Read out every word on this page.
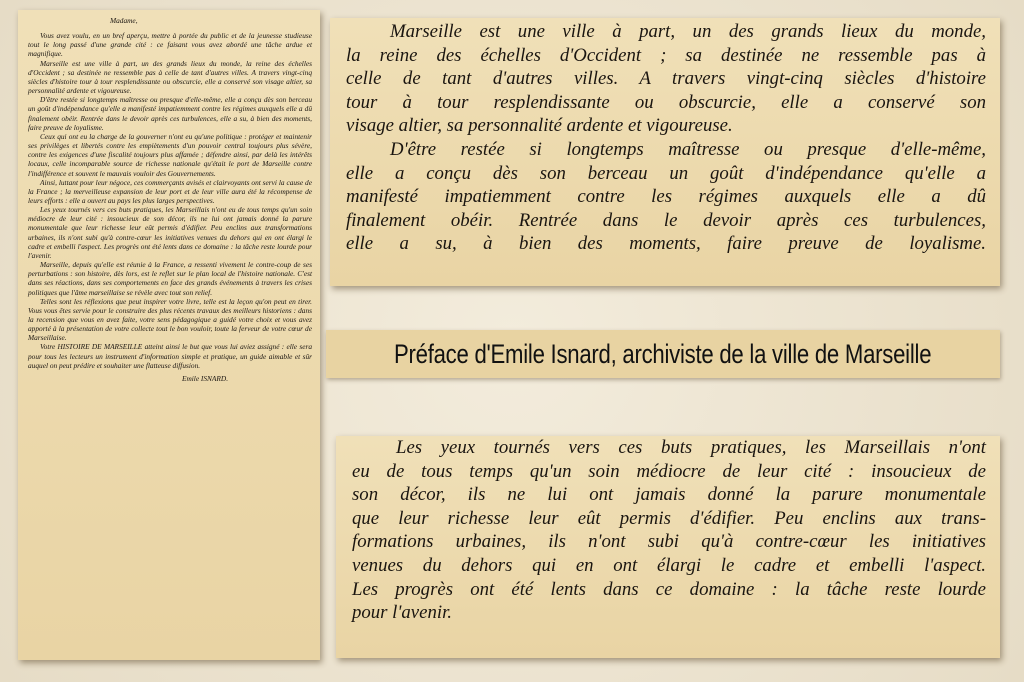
Madame,

Vous avez voulu, en un bref aperçu, mettre à portée du public et de la jeunesse studieuse tout le long passé d'une grande cité : ce faisant vous avez abordé une tâche ardue et magnifique.

Marseille est une ville à part, un des grands lieux du monde, la reine des échelles d'Occident ; sa destinée ne ressemble pas à celle de tant d'autres villes. A travers vingt-cinq siècles d'histoire tour à tour resplendissante ou obscurcie, elle a conservé son visage altier, sa personnalité ardente et vigoureuse.

D'être restée si longtemps maîtresse ou presque d'elle-même, elle a conçu dès son berceau un goût d'indépendance qu'elle a manifesté impatiemment contre les régimes auxquels elle a dû finalement obéir. Rentrée dans le devoir après ces turbulences, elle a su, à bien des moments, faire preuve de loyalisme.

Ceux qui ont eu la charge de la gouverner n'ont eu qu'une politique : protéger et maintenir ses privilèges et libertés contre les empiètements d'un pouvoir central toujours plus sévère, contre les exigences d'une fiscalité toujours plus affamée ; défendre ainsi, par delà les intérêts locaux, celle incomparable source de richesse nationale qu'était le port de Marseille contre l'indifférence et souvent le mauvais vouloir des Gouvernements.

Ainsi, luttant pour leur négoce, ces commerçants avisés et clairvoyants ont servi la cause de la France ; la merveilleuse expansion de leur port et de leur ville aura été la récompense de leurs efforts : elle a ouvert au pays les plus larges perspectives.

Les yeux tournés vers ces buts pratiques, les Marseillais n'ont eu de tous temps qu'un soin médiocre de leur cité : insoucieux de son décor, ils ne lui ont jamais donné la parure monumentale que leur richesse leur eût permis d'édifier. Peu enclins aux transformations urbaines, ils n'ont subi qu'à contre-cœur les initiatives venues du dehors qui en ont élargi le cadre et embelli l'aspect. Les progrès ont été lents dans ce domaine : la tâche reste lourde pour l'avenir.

Marseille, depuis qu'elle est réunie à la France, a ressenti vivement le contre-coup de ses perturbations : son histoire, dès lors, est le reflet sur le plan local de l'histoire nationale. C'est dans ses réactions, dans ses comportements en face des grands événements à travers les crises politiques que l'âme marseillaise se révèle avec tout son relief.

Telles sont les réflexions que peut inspirer votre livre, telle est la leçon qu'on peut en tirer. Vous vous êtes servie pour le construire des plus récents travaux des meilleurs historiens : dans la recension que vous en avez faite, votre sens pédagogique a guidé votre choix et vous avez apporté à la présentation de votre collecte tout le bon vouloir, toute la ferveur de votre cœur de Marseillaise.

Votre HISTOIRE DE MARSEILLE atteint ainsi le but que vous lui aviez assigné : elle sera pour tous les lecteurs un instrument d'information simple et pratique, un guide aimable et sûr auquel on peut prédire et souhaiter une flatteuse diffusion.

Emile ISNARD.

Marseille est une ville à part, un des grands lieux du monde,
la reine des échelles d'Occident ; sa destinée ne ressemble pas à
celle de tant d'autres villes. A travers vingt-cinq siècles d'histoire
tour à tour resplendissante ou obscurcie, elle a conservé son
visage altier, sa personnalité ardente et vigoureuse.
D'être restée si longtemps maîtresse ou presque d'elle-même,
elle a conçu dès son berceau un goût d'indépendance qu'elle a
manifesté impatiemment contre les régimes auxquels elle a dû
finalement obéir. Rentrée dans le devoir après ces turbulences,
elle a su, à bien des moments, faire preuve de loyalisme.
Préface d'Emile Isnard, archiviste de la ville de Marseille
Les yeux tournés vers ces buts pratiques, les Marseillais n'ont
eu de tous temps qu'un soin médiocre de leur cité : insoucieux de
son décor, ils ne lui ont jamais donné la parure monumentale
que leur richesse leur eût permis d'édifier. Peu enclins aux trans-
formations urbaines, ils n'ont subi qu'à contre-cœur les initiatives
venues du dehors qui en ont élargi le cadre et embelli l'aspect.
Les progrès ont été lents dans ce domaine : la tâche reste lourde
pour l'avenir.
